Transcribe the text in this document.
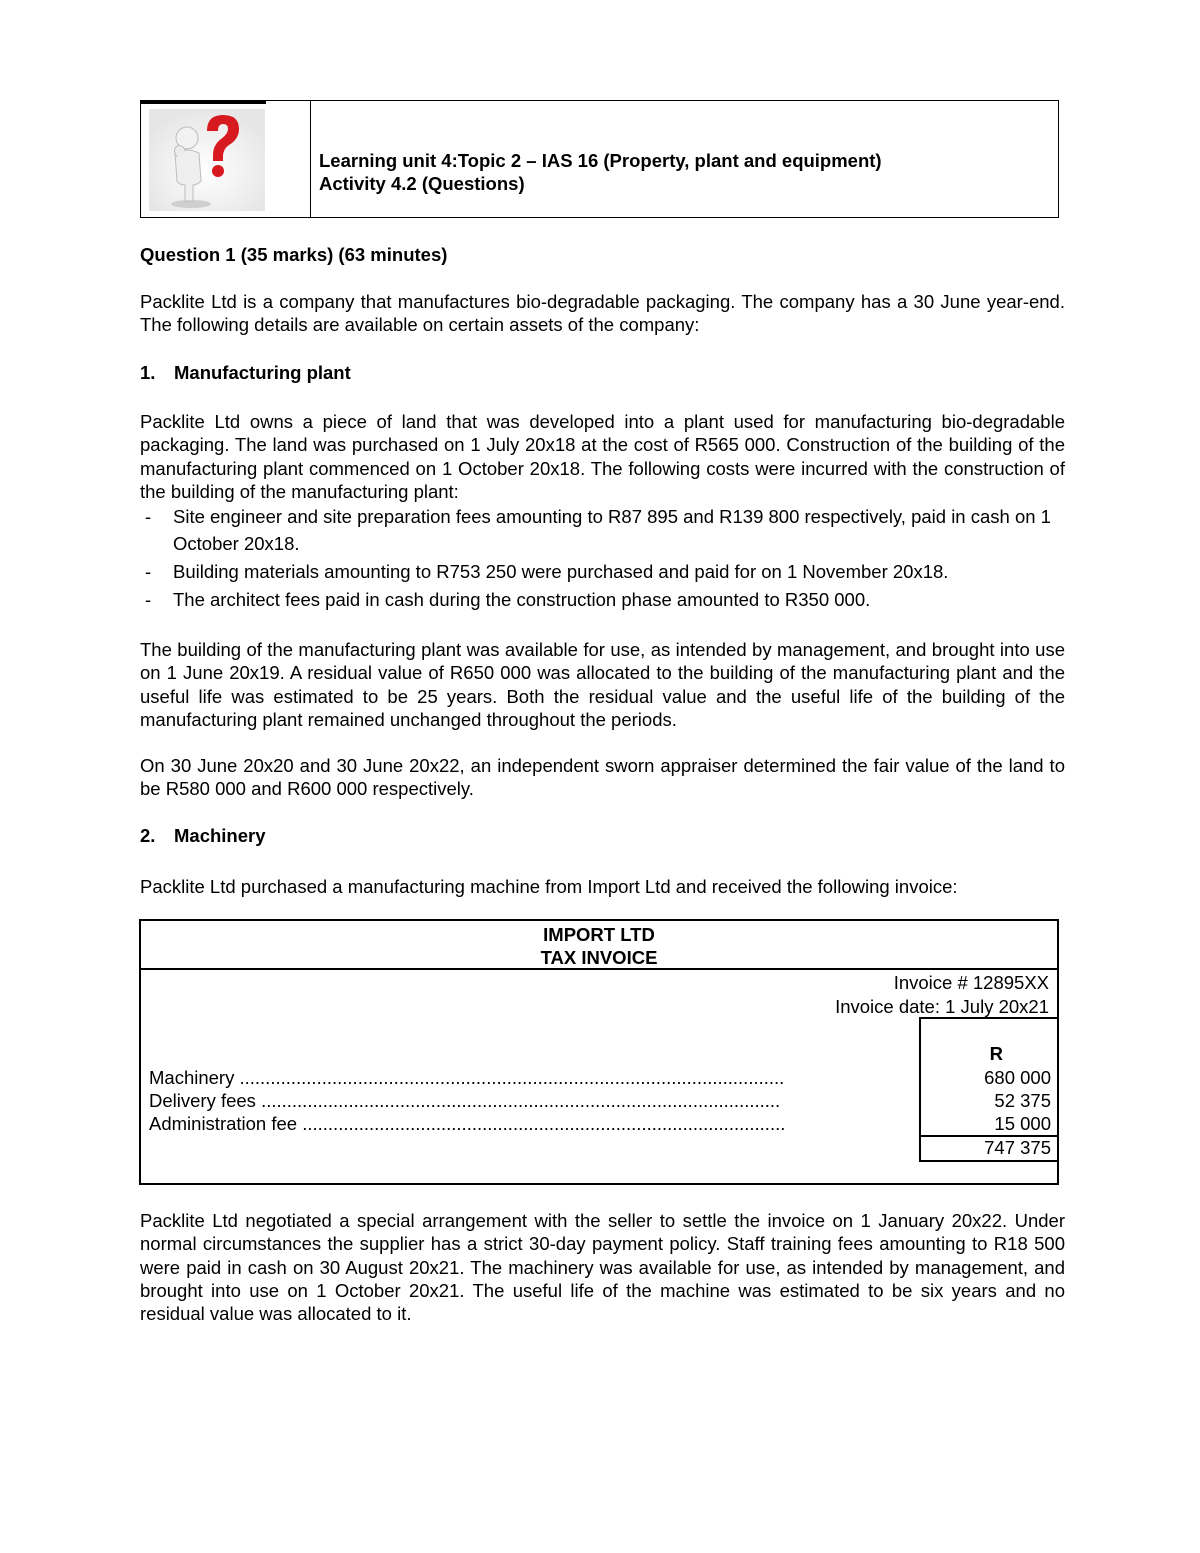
Learning unit 4:Topic 2 – IAS 16 (Property, plant and equipment)
Activity 4.2 (Questions)
Question 1 (35 marks) (63 minutes)
Packlite Ltd is a company that manufactures bio-degradable packaging. The company has a 30 June year-end. The following details are available on certain assets of the company:
1. Manufacturing plant
Packlite Ltd owns a piece of land that was developed into a plant used for manufacturing bio-degradable packaging. The land was purchased on 1 July 20x18 at the cost of R565 000. Construction of the building of the manufacturing plant commenced on 1 October 20x18. The following costs were incurred with the construction of the building of the manufacturing plant:
- Site engineer and site preparation fees amounting to R87 895 and R139 800 respectively, paid in cash on 1 October 20x18.
- Building materials amounting to R753 250 were purchased and paid for on 1 November 20x18.
- The architect fees paid in cash during the construction phase amounted to R350 000.
The building of the manufacturing plant was available for use, as intended by management, and brought into use on 1 June 20x19. A residual value of R650 000 was allocated to the building of the manufacturing plant and the useful life was estimated to be 25 years. Both the residual value and the useful life of the building of the manufacturing plant remained unchanged throughout the periods.
On 30 June 20x20 and 30 June 20x22, an independent sworn appraiser determined the fair value of the land to be R580 000 and R600 000 respectively.
2. Machinery
Packlite Ltd purchased a manufacturing machine from Import Ltd and received the following invoice:
IMPORT LTD
TAX INVOICE
Invoice # 12895XX
Invoice date: 1 July 20x21
Machinery ..........................................................................................................
Delivery fees .....................................................................................................
Administration fee ..............................................................................................
R
680 000
52 375
15 000
747 375
Packlite Ltd negotiated a special arrangement with the seller to settle the invoice on 1 January 20x22. Under normal circumstances the supplier has a strict 30-day payment policy. Staff training fees amounting to R18 500 were paid in cash on 30 August 20x21. The machinery was available for use, as intended by management, and brought into use on 1 October 20x21. The useful life of the machine was estimated to be six years and no residual value was allocated to it.
